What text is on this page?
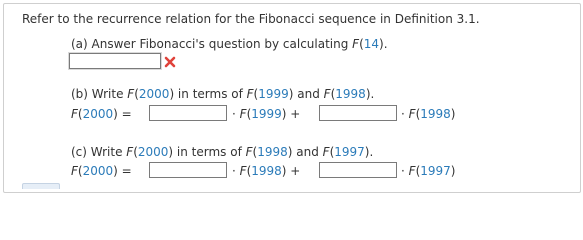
Refer to the recurrence relation for the Fibonacci sequence in Definition 3.1.
(a) Answer Fibonacci's question by calculating F(14).
(b) Write F(2000) in terms of F(1999) and F(1998).
F(2000) =	· F(1999) +	· F(1998)
(c) Write F(2000) in terms of F(1998) and F(1997).
F(2000) =	· F(1998) +	· F(1997)
